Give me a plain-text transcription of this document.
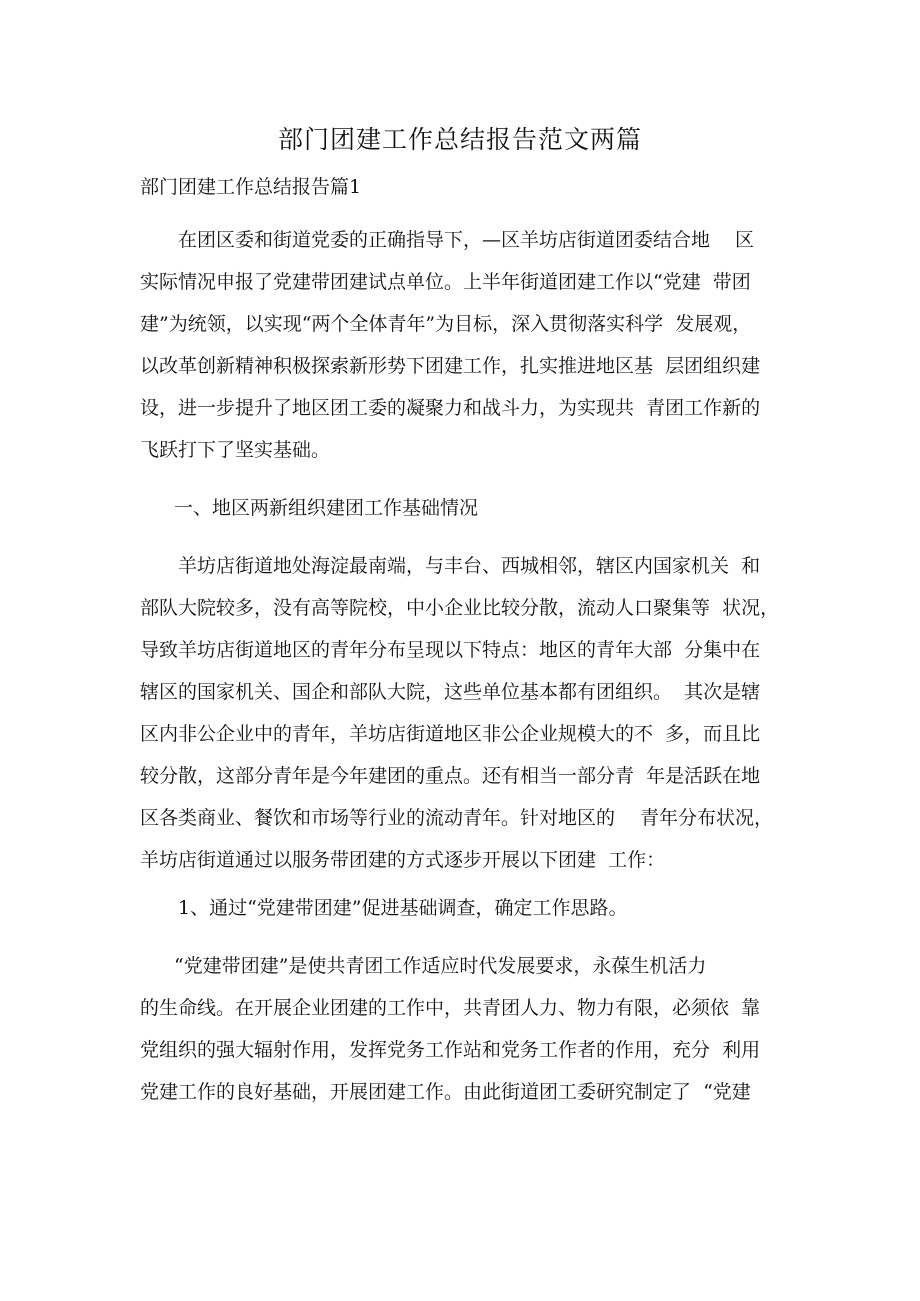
部门团建工作总结报告范文两篇
部门团建工作总结报告篇1
在团区委和街道党委的正确指导下，—区羊坊店街道团委结合地　 区
实际情况申报了党建带团建试点单位。上半年街道团建工作以“党建  带团
建”为统领，以实现“两个全体青年”为目标，深入贯彻落实科学  发展观，
以改革创新精神积极探索新形势下团建工作，扎实推进地区基  层团组织建
设，进一步提升了地区团工委的凝聚力和战斗力，为实现共  青团工作新的
飞跃打下了坚实基础。
一、地区两新组织建团工作基础情况
羊坊店街道地处海淀最南端，与丰台、西城相邻，辖区内国家机关  和
部队大院较多，没有高等院校，中小企业比较分散，流动人口聚集等  状况，
导致羊坊店街道地区的青年分布呈现以下特点：地区的青年大部  分集中在
辖区的国家机关、国企和部队大院，这些单位基本都有团组织。  其次是辖
区内非公企业中的青年，羊坊店街道地区非公企业规模大的不  多，而且比
较分散，这部分青年是今年建团的重点。还有相当一部分青  年是活跃在地
区各类商业、餐饮和市场等行业的流动青年。针对地区的　 青年分布状况，
羊坊店街道通过以服务带团建的方式逐步开展以下团建  工作：
1、通过“党建带团建”促进基础调查，确定工作思路。
“党建带团建”是使共青团工作适应时代发展要求，永葆生机活力
的生命线。在开展企业团建的工作中，共青团人力、物力有限，必须依  靠
党组织的强大辐射作用，发挥党务工作站和党务工作者的作用，充分  利用
党建工作的良好基础，开展团建工作。由此街道团工委研究制定了  “党建
